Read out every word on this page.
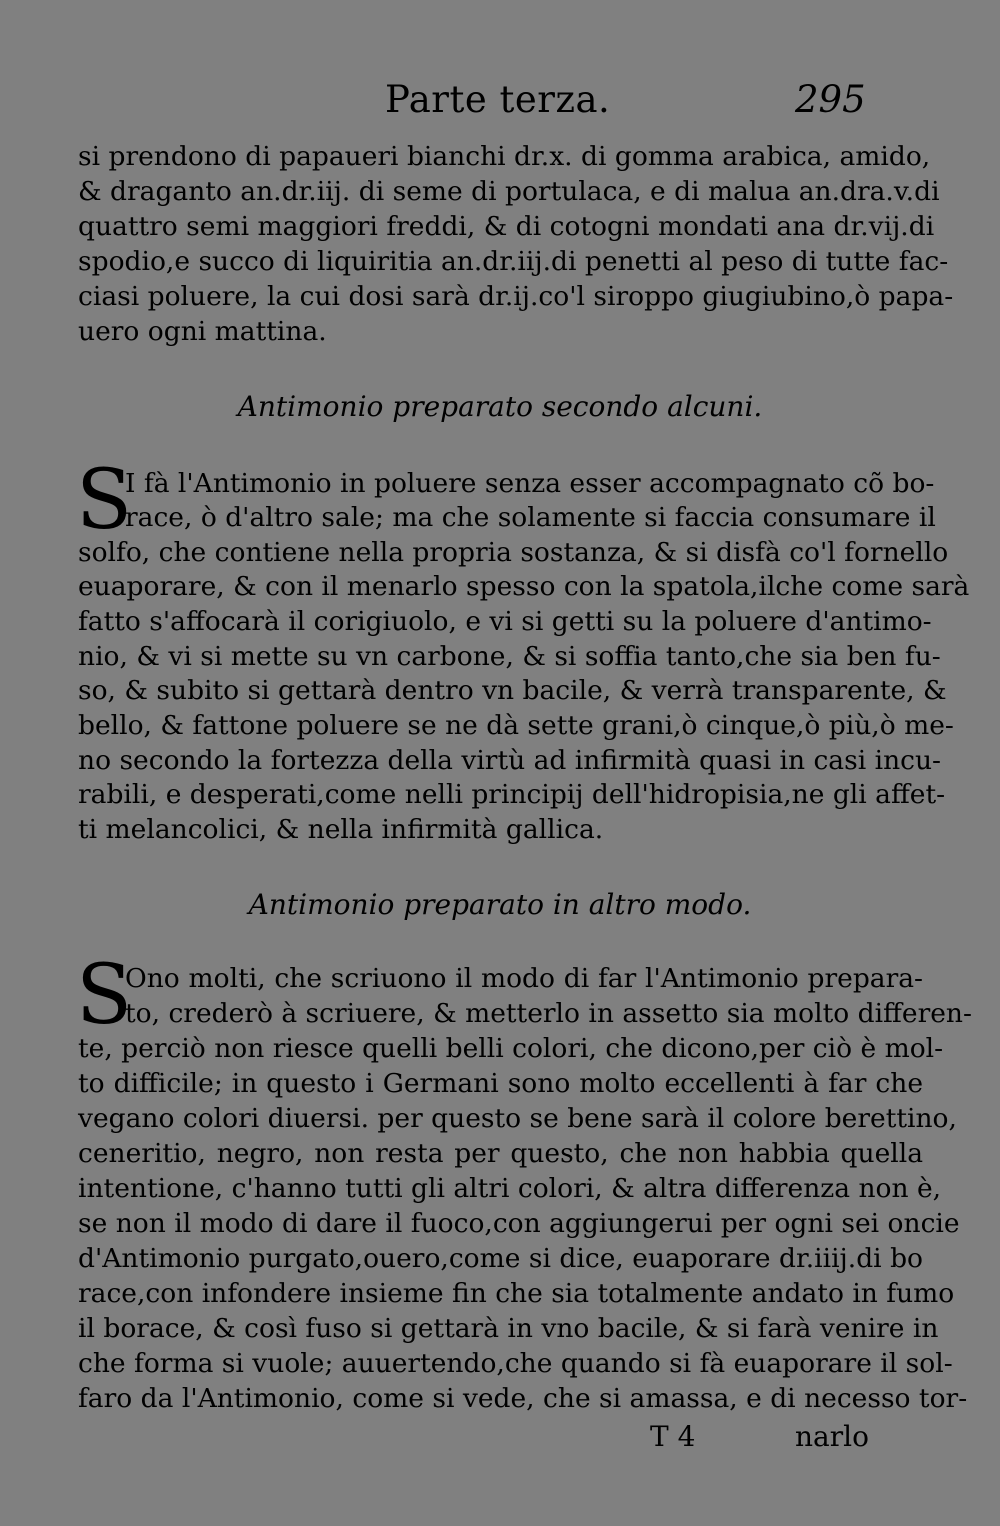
Parte terza.	295
si prendono di papaueri bianchi dr.x. di gomma arabica, amido,
& draganto an.dr.iij. di seme di portulaca, e di malua an.dra.v.di
quattro semi maggiori freddi, & di cotogni mondati ana dr.vij.di
spodio,e succo di liquiritia an.dr.iij.di penetti al peso di tutte fac-
ciasi poluere, la cui dosi sarà dr.ij.co'l siroppo giugiubino,ò papa-
uero ogni mattina.
Antimonio preparato secondo alcuni.
S
I fà l'Antimonio in poluere senza esser accompagnato cõ bo-
race, ò d'altro sale; ma che solamente si faccia consumare il
solfo, che contiene nella propria sostanza, & si disfà co'l fornello
euaporare, & con il menarlo spesso con la spatola,ilche come sarà
fatto s'affocarà il corigiuolo, e vi si getti su la poluere d'antimo-
nio, & vi si mette su vn carbone, & si soffia tanto,che sia ben fu-
so, & subito si gettarà dentro vn bacile, & verrà transparente, &
bello, & fattone poluere se ne dà sette grani,ò cinque,ò più,ò me-
no secondo la fortezza della virtù ad infirmità quasi in casi incu-
rabili, e desperati,come nelli principij dell'hidropisia,ne gli affet-
ti melancolici, & nella infirmità gallica.
Antimonio preparato in altro modo.
S
Ono molti, che scriuono il modo di far l'Antimonio prepara-
to, crederò à scriuere, & metterlo in assetto sia molto differen-
te, perciò non riesce quelli belli colori, che dicono,per ciò è mol-
to difficile; in questo i Germani sono molto eccellenti à far che
vegano colori diuersi. per questo se bene sarà il colore berettino,
ceneritio, negro, non resta per questo, che non habbia quella
intentione, c'hanno tutti gli altri colori, & altra differenza non è,
se non il modo di dare il fuoco,con aggiungerui per ogni sei oncie
d'Antimonio purgato,ouero,come si dice, euaporare dr.iiij.di bo
race,con infondere insieme fin che sia totalmente andato in fumo
il borace, & così fuso si gettarà in vno bacile, & si farà venire in
che forma si vuole; auuertendo,che quando si fà euaporare il sol-
faro da l'Antimonio, come si vede, che si amassa, e di necesso tor-
T 4	narlo
